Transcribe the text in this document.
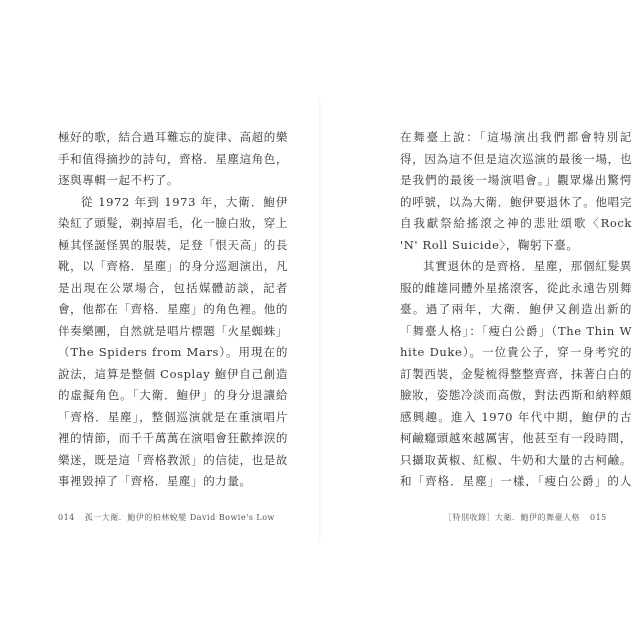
極好的歌，結合過耳難忘的旋律、高超的樂手和值得摘抄的詩句，齊格．星塵這角色，逐與專輯一起不朽了。

從 1972 年到 1973 年，大衛．鮑伊染紅了頭髮，剃掉眉毛，化一臉白妝，穿上極其怪誕怪異的服裝，足登「恨天高」的長靴，以「齊格．星塵」的身分巡迴演出，凡是出現在公眾場合，包括媒體訪談，記者會，他都在「齊格．星塵」的角色裡。他的伴奏樂團，自然就是唱片標題「火星蜘蛛」（The Spiders from Mars）。用現在的說法，這算是整個 Cosplay 鮑伊自己創造的虛擬角色。「大衛．鮑伊」的身分退讓給「齊格．星塵」，整個巡演就是在重演唱片裡的情節，而千千萬萬在演唱會狂歡捧淚的樂迷，既是這「齊格教派」的信徒，也是故事裡毀掉了「齊格．星塵」的力量。

在舞臺上說：「這場演出我們都會特別記得，因為這不但是這次巡演的最後一場，也是我們的最後一場演唱會。」觀眾爆出驚愕的呼號，以為大衛．鮑伊要退休了。他唱完自我獻祭給搖滾之神的悲壯頌歌〈Rock 'N' Roll Suicide〉，鞠躬下臺。

其實退休的是齊格．星塵，那個紅髮異服的雌雄同體外星搖滾客，從此永遠告別舞臺。過了兩年，大衛．鮑伊又創造出新的「舞臺人格」：「瘦白公爵」（The Thin White Duke）。一位貴公子，穿一身考究的訂製西裝，金髮梳得整整齊齊，抹著白白的臉妝，姿態冷淡而高傲，對法西斯和納粹頗感興趣。進入 1970 年代中期，鮑伊的古柯鹼癮頭越來越厲害，他甚至有一段時間，只攝取黃椒、紅椒、牛奶和大量的古柯鹼。和「齊格．星塵」一樣，「瘦白公爵」的人

014 孤一大衛．鮑伊的柏林蛻變 David Bowie's Low	［特別收錄］大衛．鮑伊的舞臺人格 015
